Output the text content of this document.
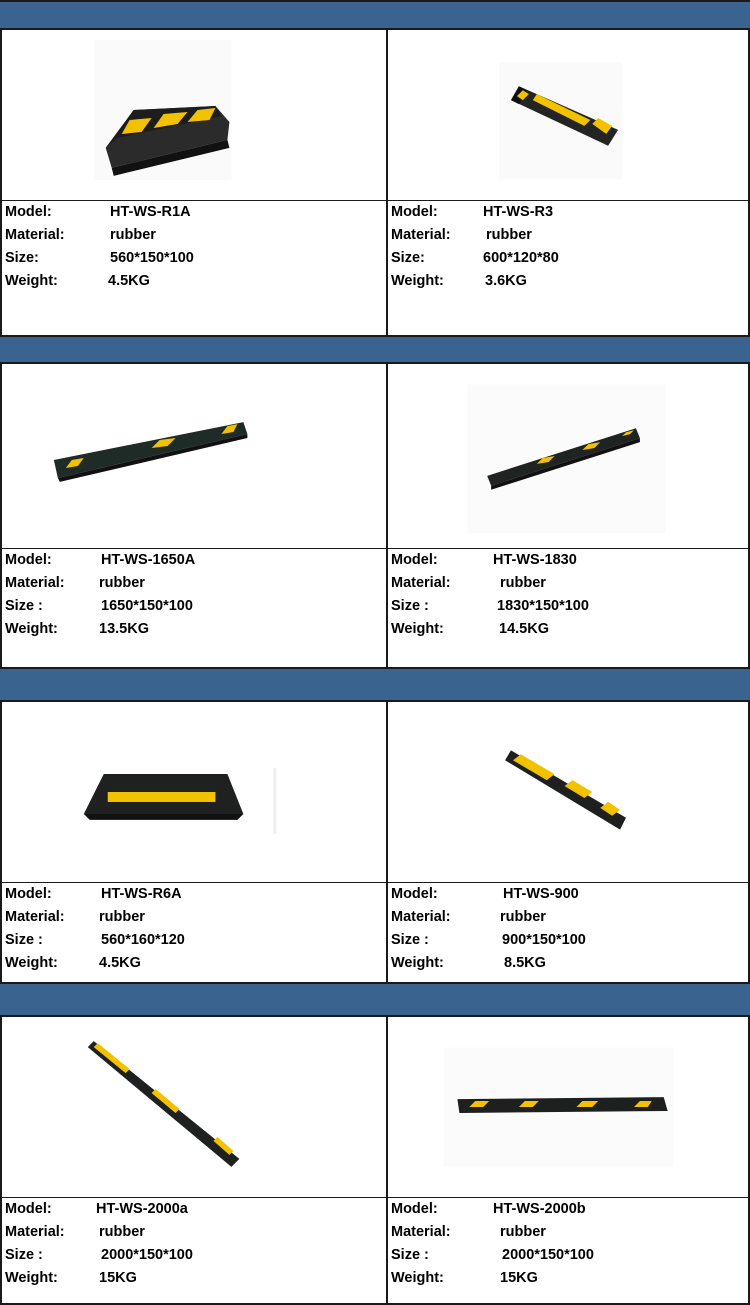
Model:	HT-WS-R1A
Material:	rubber
Size:	560*150*100
Weight:	4.5KG
Model:	HT-WS-R3
Material: rubber
Size:	600*120*80
Weight:	3.6KG
Model:	HT-WS-1650A
Material: rubber
Size :	1650*150*100
Weight:	13.5KG
Model:	HT-WS-1830
Material:	rubber
Size :	1830*150*100
Weight:	14.5KG
Model:	HT-WS-R6A
Material: rubber
Size :	560*160*120
Weight:	4.5KG
Model:	HT-WS-900
Material:	rubber
Size :	900*150*100
Weight:	8.5KG
Model:	HT-WS-2000a
Material: rubber
Size :	2000*150*100
Weight:	15KG
Model:	HT-WS-2000b
Material:	rubber
Size :	2000*150*100
Weight:	15KG
